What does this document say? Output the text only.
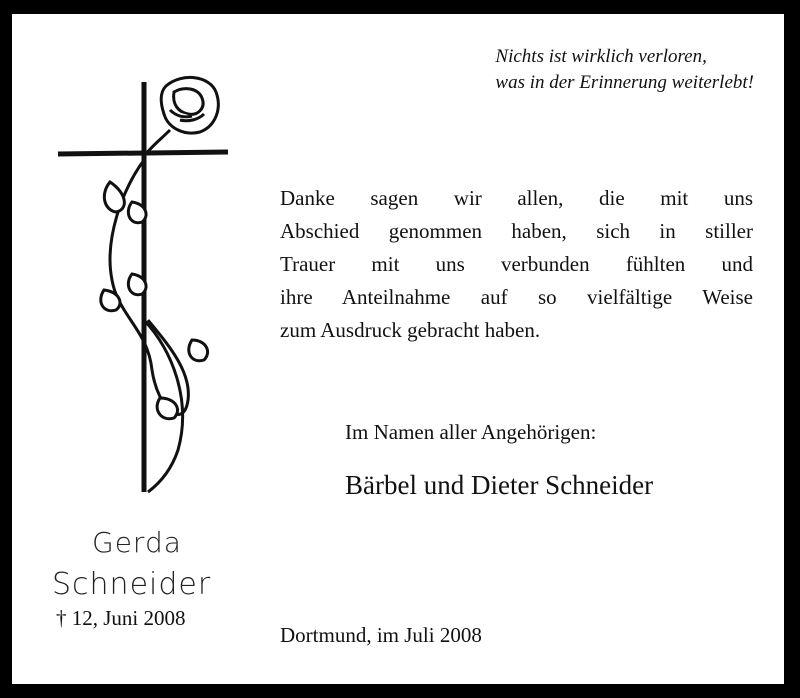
Nichts ist wirklich verloren,
was in der Erinnerung weiterlebt!
Danke sagen wir allen, die mit uns
Abschied genommen haben, sich in stiller
Trauer mit uns verbunden fühlten und
ihre Anteilnahme auf so vielfältige Weise
zum Ausdruck gebracht haben.
Im Namen aller Angehörigen:
Bärbel und Dieter Schneider
Gerda
Schneider
† 12, Juni 2008
Dortmund, im Juli 2008
